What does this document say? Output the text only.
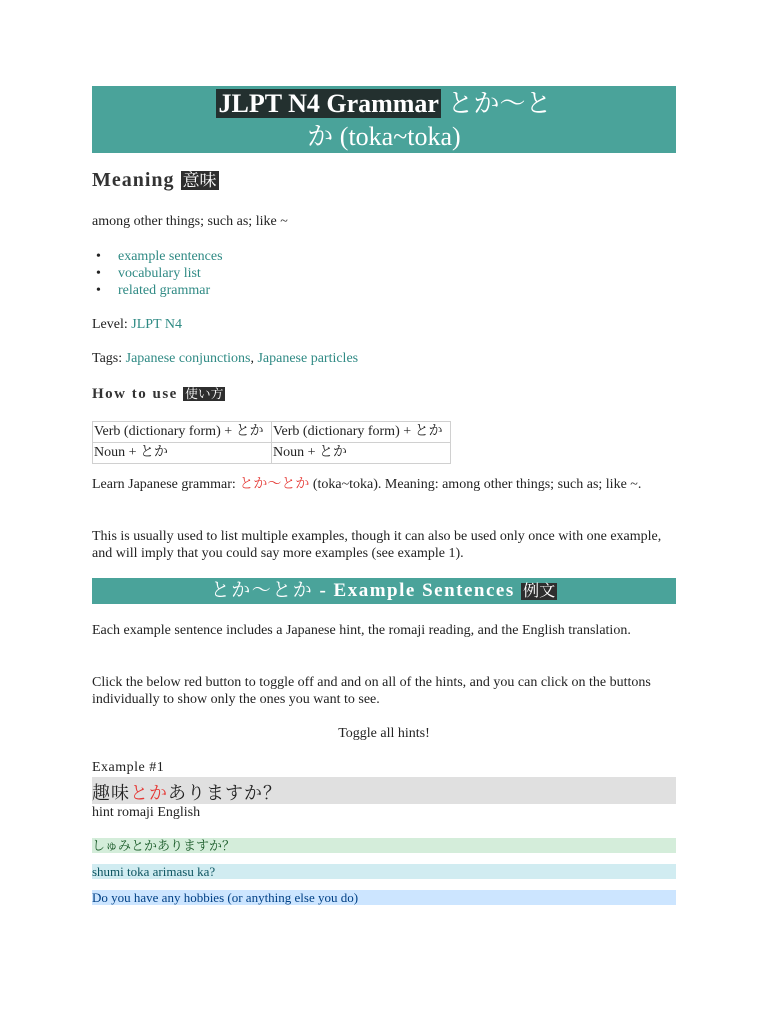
JLPT N4 Grammar とか〜と
か (toka~toka)
Meaning 意味
among other things; such as; like ~
• example sentences
• vocabulary list
• related grammar
Level: JLPT N4
Tags: Japanese conjunctions, Japanese particles
How to use 使い方
Verb (dictionary form) + とか	Verb (dictionary form) + とか
Noun + とか	Noun + とか
Learn Japanese grammar: とか〜とか (toka~toka). Meaning: among other things; such as; like ~.
This is usually used to list multiple examples, though it can also be used only once with one example, and will imply that you could say more examples (see example 1).
とか〜とか - Example Sentences 例文
Each example sentence includes a Japanese hint, the romaji reading, and the English translation.
Click the below red button to toggle off and and on all of the hints, and you can click on the buttons individually to show only the ones you want to see.
Toggle all hints!
Example #1
趣味とかありますか？
hint romaji English
しゅみとかありますか？
shumi toka arimasu ka?
Do you have any hobbies (or anything else you do)
